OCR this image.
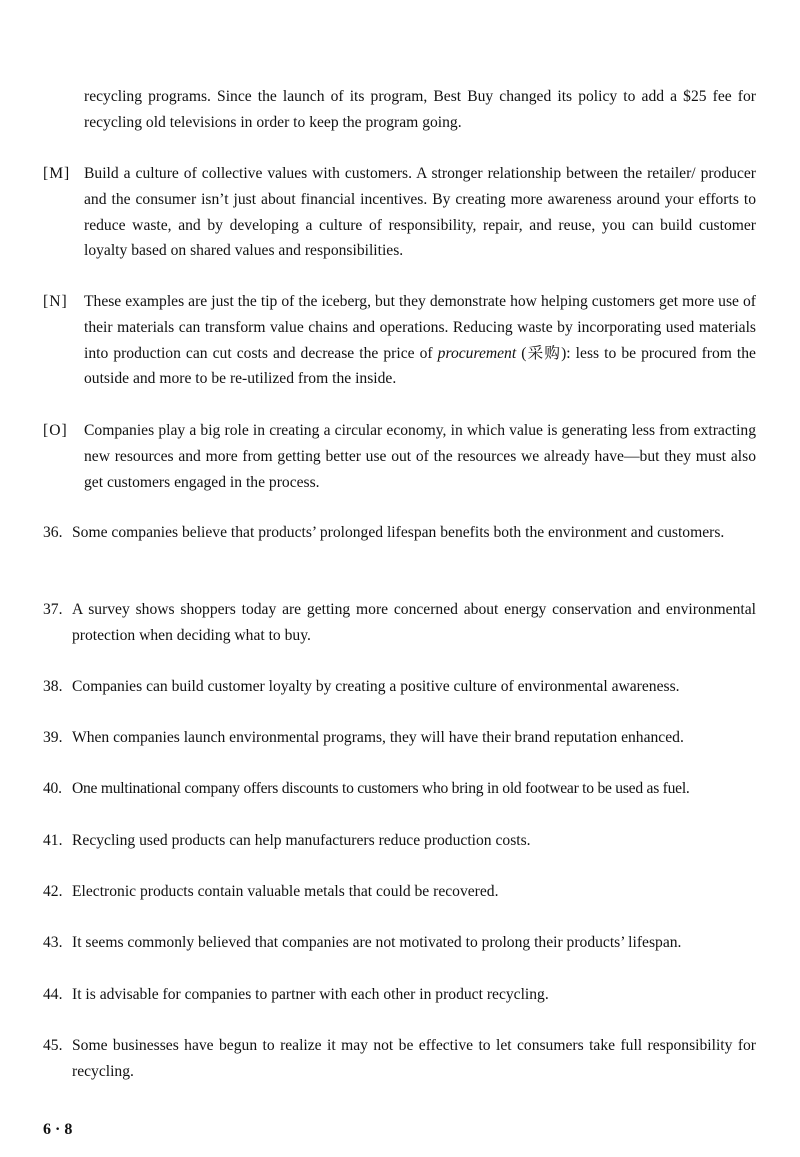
recycling programs. Since the launch of its program, Best Buy changed its policy to add a $25 fee for recycling old televisions in order to keep the program going.
[M] Build a culture of collective values with customers. A stronger relationship between the retailer/ producer and the consumer isn’t just about financial incentives. By creating more awareness around your efforts to reduce waste, and by developing a culture of responsibility, repair, and reuse, you can build customer loyalty based on shared values and responsibilities.
[N]	These examples are just the tip of the iceberg, but they demonstrate how helping customers get more use of their materials can transform value chains and operations. Reducing waste by incorporating used materials into production can cut costs and decrease the price of procurement (采购): less to be procured from the outside and more to be re-utilized from the inside.
[O]	Companies play a big role in creating a circular economy, in which value is generating less from extracting new resources and more from getting better use out of the resources we already have—but they must also get customers engaged in the process.
36. Some companies believe that products’ prolonged lifespan benefits both the environment and customers.
37. A survey shows shoppers today are getting more concerned about energy conservation and environmental protection when deciding what to buy.
38. Companies can build customer loyalty by creating a positive culture of environmental awareness.
39. When companies launch environmental programs, they will have their brand reputation enhanced.
40. One multinational company offers discounts to customers who bring in old footwear to be used as fuel.
41. Recycling used products can help manufacturers reduce production costs.
42. Electronic products contain valuable metals that could be recovered.
43. It seems commonly believed that companies are not motivated to prolong their products’ lifespan.
44. It is advisable for companies to partner with each other in product recycling.
45. Some businesses have begun to realize it may not be effective to let consumers take full responsibility for recycling.
6 · 8
